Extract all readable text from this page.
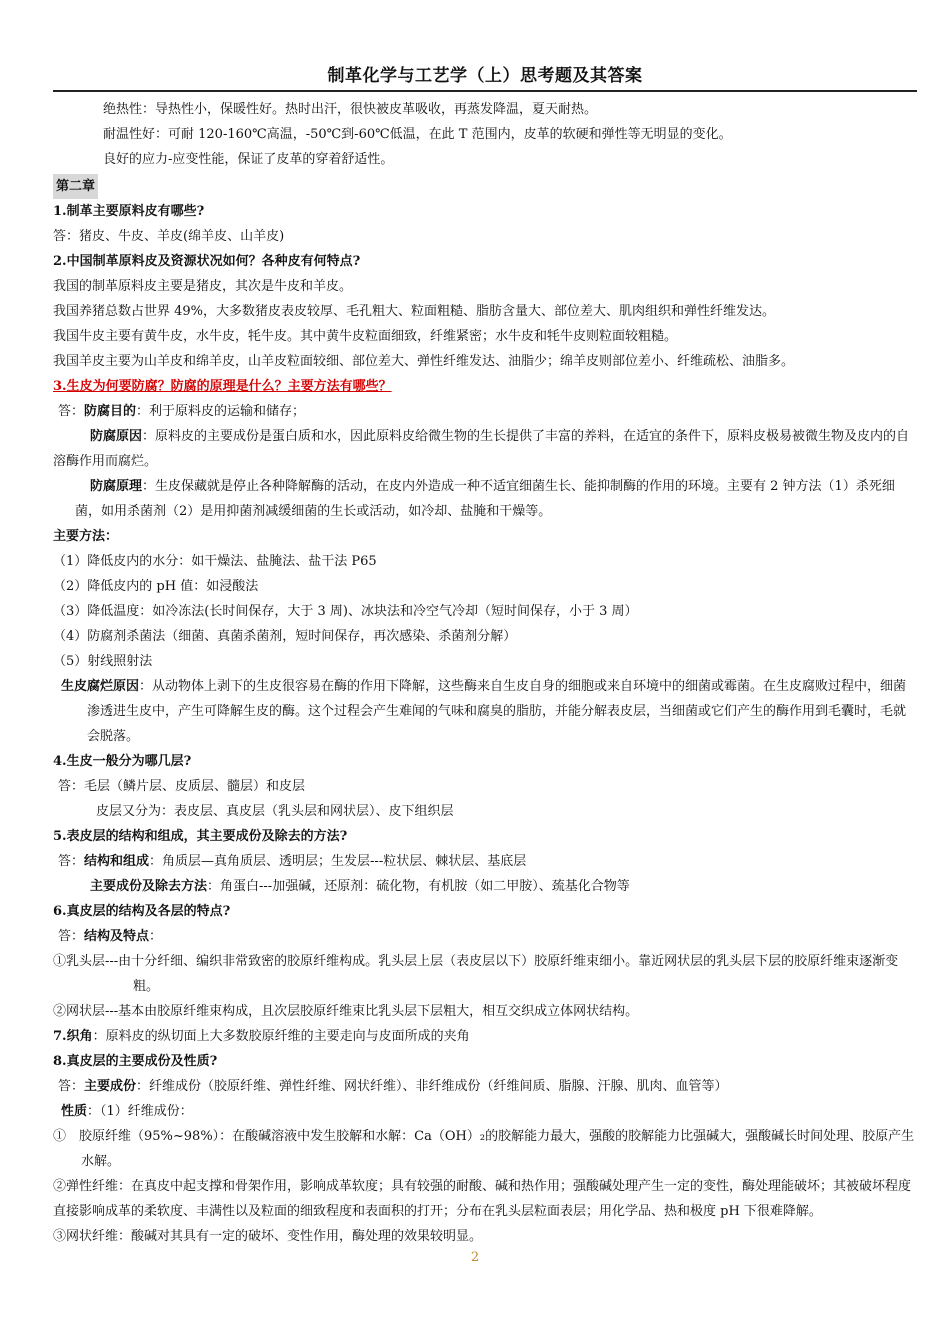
制革化学与工艺学（上）思考题及其答案
绝热性：导热性小，保暖性好。热时出汗，很快被皮革吸收，再蒸发降温，夏天耐热。
耐温性好：可耐 120-160℃高温，-50℃到-60℃低温，在此 T 范围内，皮革的软硬和弹性等无明显的变化。
良好的应力-应变性能，保证了皮革的穿着舒适性。
第二章
1.制革主要原料皮有哪些?
答：猪皮、牛皮、羊皮(绵羊皮、山羊皮)
2.中国制革原料皮及资源状况如何？各种皮有何特点?
我国的制革原料皮主要是猪皮，其次是牛皮和羊皮。
我国养猪总数占世界 49%，大多数猪皮表皮较厚、毛孔粗大、粒面粗糙、脂肪含量大、部位差大、肌肉组织和弹性纤维发达。
我国牛皮主要有黄牛皮，水牛皮，牦牛皮。其中黄牛皮粒面细致，纤维紧密；水牛皮和牦牛皮则粒面较粗糙。
我国羊皮主要为山羊皮和绵羊皮，山羊皮粒面较细、部位差大、弹性纤维发达、油脂少；绵羊皮则部位差小、纤维疏松、油脂多。
3.生皮为何要防腐？防腐的原理是什么？主要方法有哪些？
答：防腐目的：利于原料皮的运输和储存；
防腐原因：原料皮的主要成份是蛋白质和水，因此原料皮给微生物的生长提供了丰富的养料，在适宜的条件下，原料皮极易被微生物及皮内的自溶酶作用而腐烂。
防腐原理：生皮保藏就是停止各种降解酶的活动，在皮内外造成一种不适宜细菌生长、能抑制酶的作用的环境。主要有 2 钟方法（1）杀死细菌，如用杀菌剂（2）是用抑菌剂减缓细菌的生长或活动，如冷却、盐腌和干燥等。
主要方法：
（1）降低皮内的水分：如干燥法、盐腌法、盐干法 P65
（2）降低皮内的 pH 值：如浸酸法
（3）降低温度：如冷冻法(长时间保存，大于 3 周)、冰块法和冷空气冷却（短时间保存，小于 3 周）
（4）防腐剂杀菌法（细菌、真菌杀菌剂，短时间保存，再次感染、杀菌剂分解）
（5）射线照射法
生皮腐烂原因：从动物体上剥下的生皮很容易在酶的作用下降解，这些酶来自生皮自身的细胞或来自环境中的细菌或霉菌。在生皮腐败过程中，细菌渗透进生皮中，产生可降解生皮的酶。这个过程会产生难闻的气味和腐臭的脂肪，并能分解表皮层，当细菌或它们产生的酶作用到毛囊时，毛就会脱落。
4.生皮一般分为哪几层?
答：毛层（鳞片层、皮质层、髓层）和皮层
皮层又分为：表皮层、真皮层（乳头层和网状层）、皮下组织层
5.表皮层的结构和组成，其主要成份及除去的方法?
答：结构和组成：角质层—真角质层、透明层；生发层---粒状层、棘状层、基底层
主要成份及除去方法：角蛋白---加强碱，还原剂：硫化物，有机胺（如二甲胺）、巯基化合物等
6.真皮层的结构及各层的特点?
答：结构及特点：
①乳头层---由十分纤细、编织非常致密的胶原纤维构成。乳头层上层（表皮层以下）胶原纤维束细小。靠近网状层的乳头层下层的胶原纤维束逐渐变粗。
②网状层---基本由胶原纤维束构成，且次层胶原纤维束比乳头层下层粗大，相互交织成立体网状结构。
7.织角：原料皮的纵切面上大多数胶原纤维的主要走向与皮面所成的夹角
8.真皮层的主要成份及性质?
答：主要成份：纤维成份（胶原纤维、弹性纤维、网状纤维）、非纤维成份（纤维间质、脂腺、汗腺、肌肉、血管等）
性质：（1）纤维成份：
①　胶原纤维（95%~98%）：在酸碱溶液中发生胶解和水解：Ca（OH）₂的胶解能力最大，强酸的胶解能力比强碱大，强酸碱长时间处理、胶原产生水解。
②弹性纤维：在真皮中起支撑和骨架作用，影响成革软度；具有较强的耐酸、碱和热作用；强酸碱处理产生一定的变性，酶处理能破坏；其被破坏程度直接影响成革的柔软度、丰满性以及粒面的细致程度和表面积的打开；分布在乳头层粒面表层；用化学品、热和极度 pH 下很难降解。
③网状纤维：酸碱对其具有一定的破坏、变性作用，酶处理的效果较明显。
2
